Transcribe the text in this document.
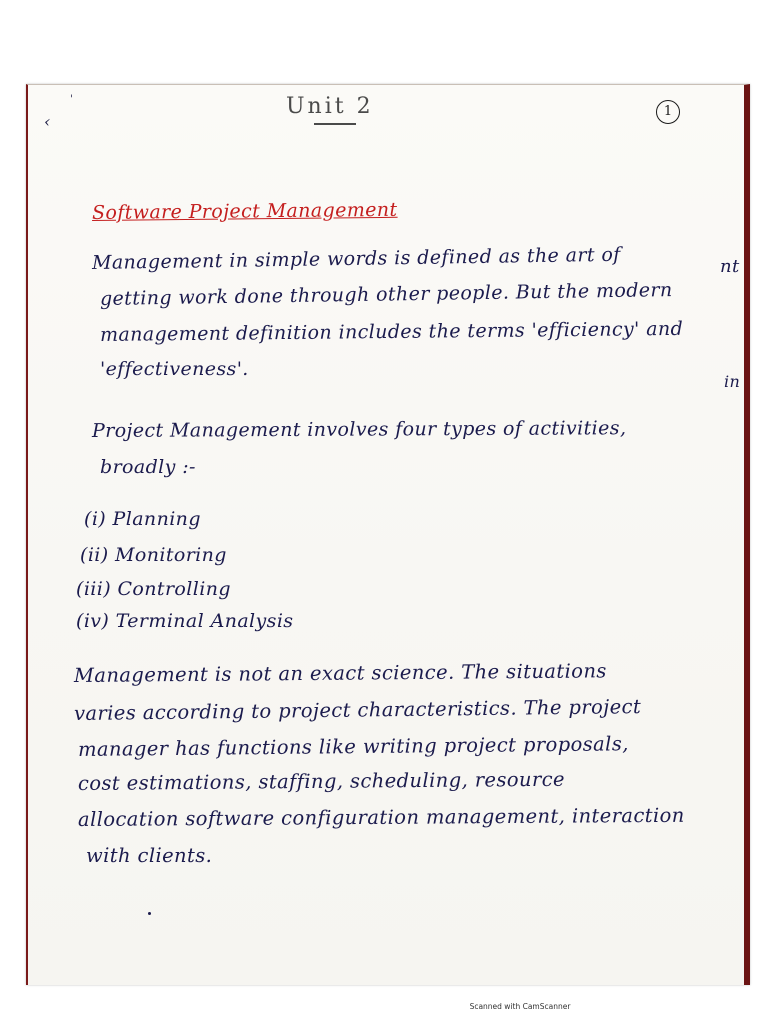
‹
'	Unit 2	1

Software Project Management

Management in simple words is defined as the art of

getting work done through other people. But the modern

management definition includes the terms 'efficiency' and

'effectiveness'.

nt

in

Project Management involves four types of activities,

broadly :-

(i) Planning

(ii) Monitoring

(iii) Controlling

(iv) Terminal Analysis

Management is not an exact science. The situations

varies according to project characteristics. The project

manager has functions like writing project proposals,

cost estimations, staffing, scheduling, resource

allocation software configuration management, interaction

with clients.

Scanned with CamScanner
